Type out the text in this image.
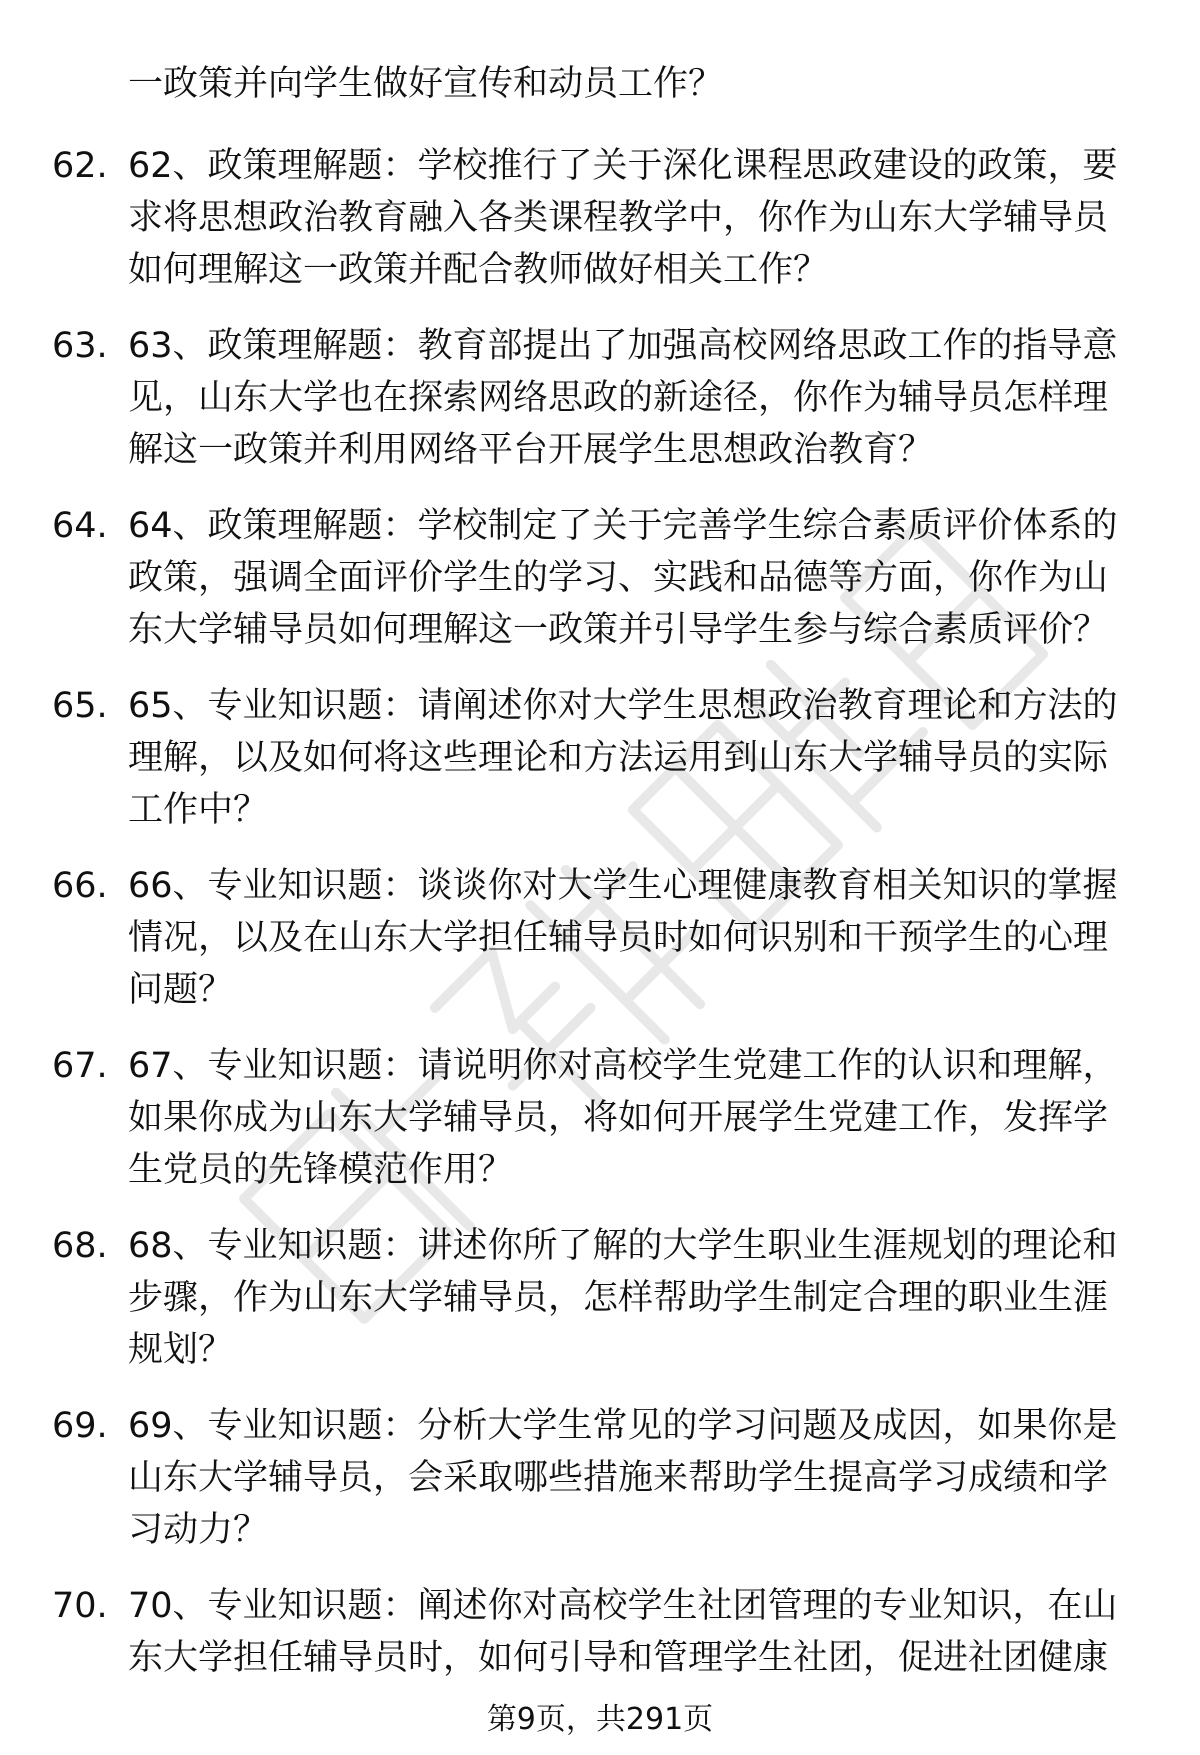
一政策并向学生做好宣传和动员工作？
62. 62、政策理解题：学校推行了关于深化课程思政建设的政策，要
求将思想政治教育融入各类课程教学中，你作为山东大学辅导员
如何理解这一政策并配合教师做好相关工作？
63. 63、政策理解题：教育部提出了加强高校网络思政工作的指导意
见，山东大学也在探索网络思政的新途径，你作为辅导员怎样理
解这一政策并利用网络平台开展学生思想政治教育？
64. 64、政策理解题：学校制定了关于完善学生综合素质评价体系的
政策，强调全面评价学生的学习、实践和品德等方面，你作为山
东大学辅导员如何理解这一政策并引导学生参与综合素质评价？
65. 65、专业知识题：请阐述你对大学生思想政治教育理论和方法的
理解，以及如何将这些理论和方法运用到山东大学辅导员的实际
工作中？
66. 66、专业知识题：谈谈你对大学生心理健康教育相关知识的掌握
情况，以及在山东大学担任辅导员时如何识别和干预学生的心理
问题？
67. 67、专业知识题：请说明你对高校学生党建工作的认识和理解，
如果你成为山东大学辅导员，将如何开展学生党建工作，发挥学
生党员的先锋模范作用？
68. 68、专业知识题：讲述你所了解的大学生职业生涯规划的理论和
步骤，作为山东大学辅导员，怎样帮助学生制定合理的职业生涯
规划？
69. 69、专业知识题：分析大学生常见的学习问题及成因，如果你是
山东大学辅导员，会采取哪些措施来帮助学生提高学习成绩和学
习动力？
70. 70、专业知识题：阐述你对高校学生社团管理的专业知识，在山
东大学担任辅导员时，如何引导和管理学生社团，促进社团健康
第9页，共291页
